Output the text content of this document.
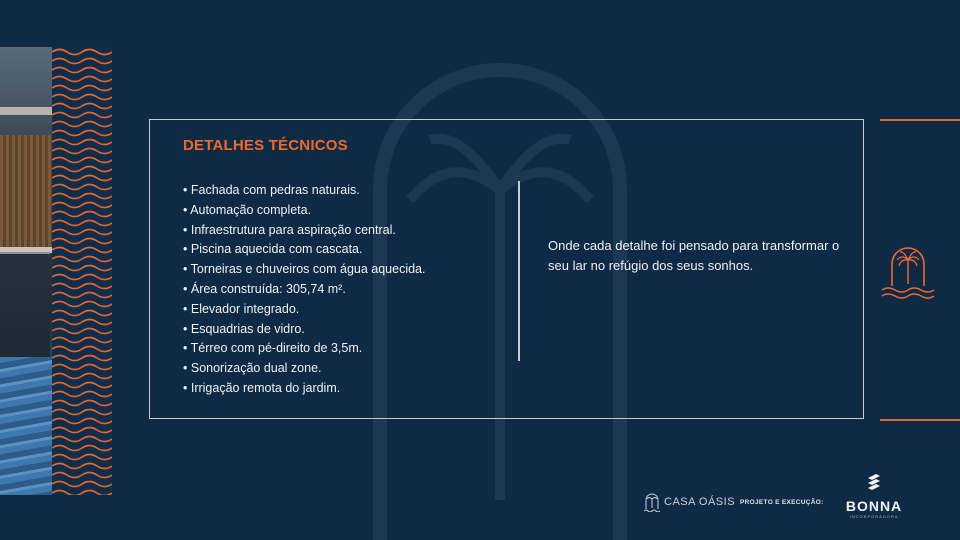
DETALHES TÉCNICOS
• Fachada com pedras naturais.
• Automação completa.
• Infraestrutura para aspiração central.
• Piscina aquecida com cascata.
• Torneiras e chuveiros com água aquecida.
• Área construída: 305,74 m².
• Elevador integrado.
• Esquadrias de vidro.
• Térreo com pé-direito de 3,5m.
• Sonorização dual zone.
• Irrigação remota do jardim.
Onde cada detalhe foi pensado para transformar o seu lar no refúgio dos seus sonhos.
CASA OÁSIS PROJETO E EXECUÇÃO:	BONNA
INCORPORADORA
